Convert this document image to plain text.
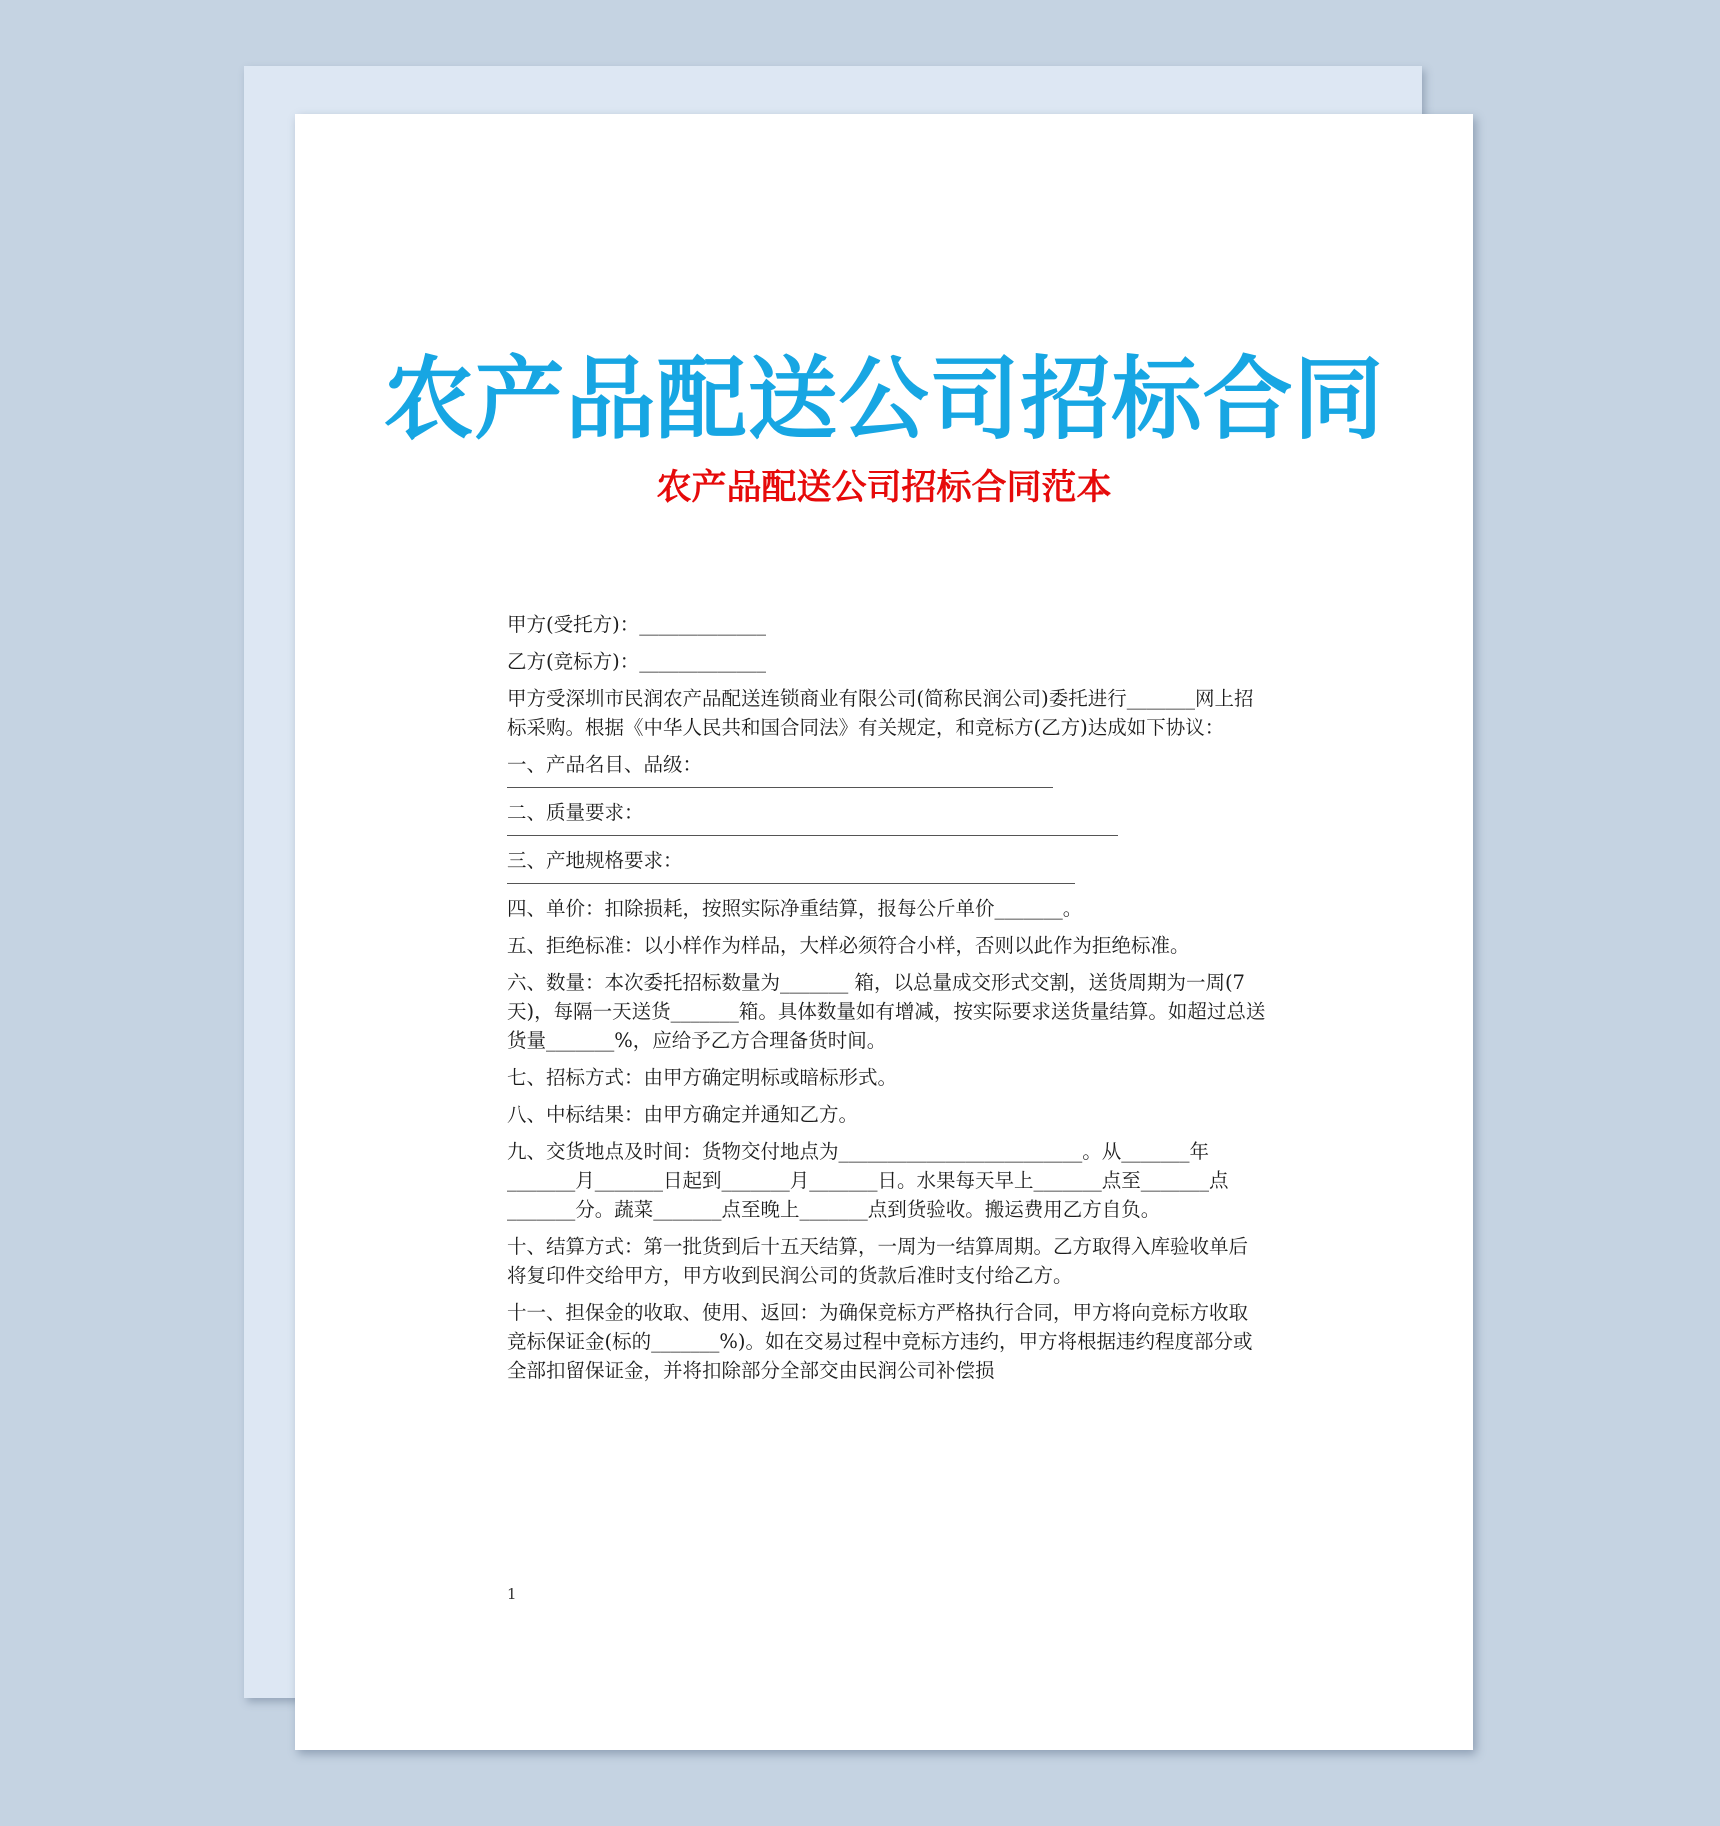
农产品配送公司招标合同
农产品配送公司招标合同范本
甲方(受托方)：_____________
乙方(竞标方)：_____________
甲方受深圳市民润农产品配送连锁商业有限公司(简称民润公司)委托进行_______网上招标采购。根据《中华人民共和国合同法》有关规定，和竞标方(乙方)达成如下协议：
一、产品名目、品级：
二、质量要求：
三、产地规格要求：
四、单价：扣除损耗，按照实际净重结算，报每公斤单价_______。
五、拒绝标准：以小样作为样品，大样必须符合小样，否则以此作为拒绝标准。
六、数量：本次委托招标数量为_______ 箱，以总量成交形式交割，送货周期为一周(7 天)，每隔一天送货_______箱。具体数量如有增减，按实际要求送货量结算。如超过总送货量_______%，应给予乙方合理备货时间。
七、招标方式：由甲方确定明标或暗标形式。
八、中标结果：由甲方确定并通知乙方。
九、交货地点及时间：货物交付地点为_________________________。从_______年_______月_______日起到_______月_______日。水果每天早上_______点至_______点_______分。蔬菜_______点至晚上_______点到货验收。搬运费用乙方自负。
十、结算方式：第一批货到后十五天结算，一周为一结算周期。乙方取得入库验收单后将复印件交给甲方，甲方收到民润公司的货款后准时支付给乙方。
十一、担保金的收取、使用、返回：为确保竞标方严格执行合同，甲方将向竞标方收取竞标保证金(标的_______%)。如在交易过程中竞标方违约，甲方将根据违约程度部分或全部扣留保证金，并将扣除部分全部交由民润公司补偿损
1
